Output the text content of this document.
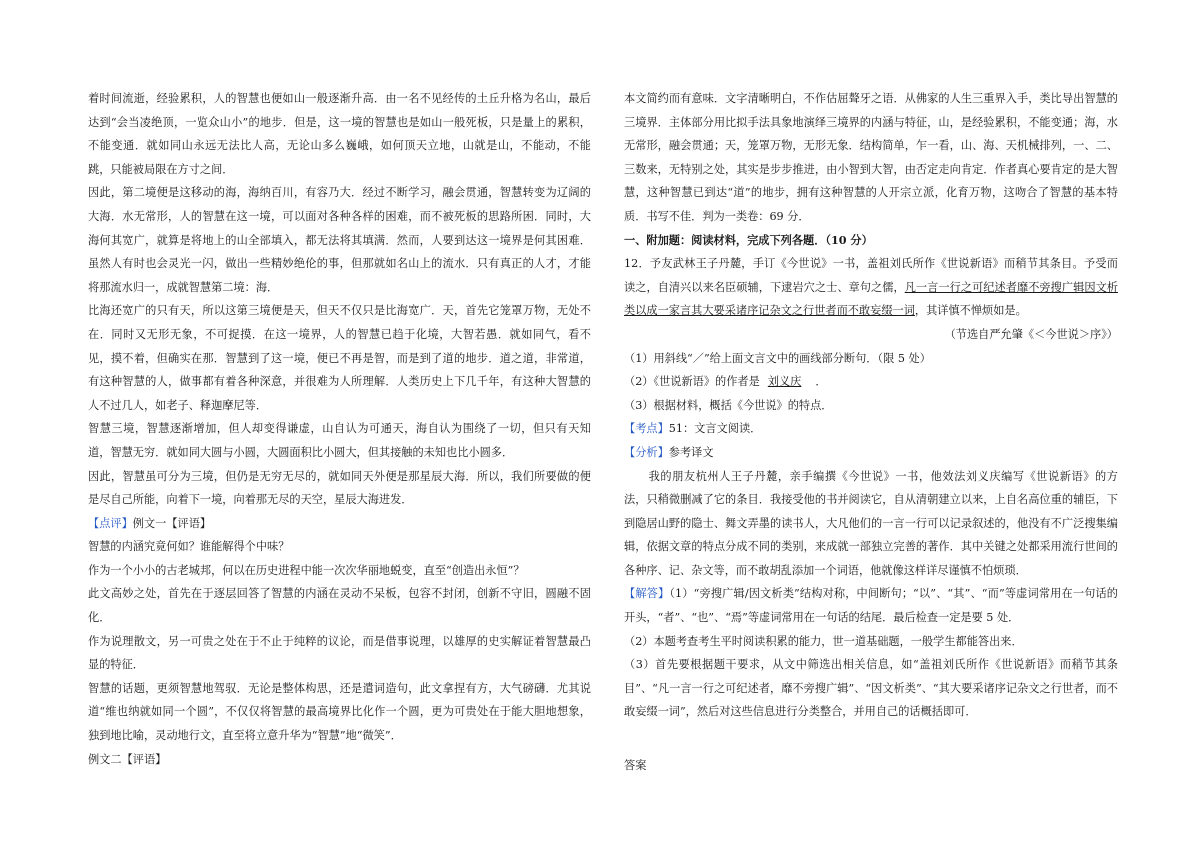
着时间流逝，经验累积，人的智慧也便如山一般逐渐升高．由一名不见经传的土丘升格为名山，最后达到“会当凌绝顶，一览众山小”的地步．但是，这一境的智慧也是如山一般死板，只是量上的累积，不能变通．就如同山永远无法比人高，无论山多么巍峨，如何顶天立地，山就是山，不能动，不能跳，只能被局限在方寸之间．

因此，第二境便是这移动的海，海纳百川，有容乃大．经过不断学习，融会贯通，智慧转变为辽阔的大海．水无常形，人的智慧在这一境，可以面对各种各样的困难，而不被死板的思路所困．同时，大海何其宽广，就算是将地上的山全部填入，都无法将其填满．然而，人要到达这一境界是何其困难．虽然人有时也会灵光一闪，做出一些精妙绝伦的事，但那就如名山上的流水．只有真正的人才，才能将那流水归一，成就智慧第二境：海．

比海还宽广的只有天，所以这第三境便是天，但天不仅只是比海宽广．天，首先它笼罩万物，无处不在．同时又无形无象，不可捉摸．在这一境界，人的智慧已趋于化境，大智若愚．就如同气，看不见，摸不着，但确实在那．智慧到了这一境，便已不再是智，而是到了道的地步．道之道，非常道，有这种智慧的人，做事都有着各种深意，并很难为人所理解．人类历史上下几千年，有这种大智慧的人不过几人，如老子、释迦摩尼等．

智慧三境，智慧逐渐增加，但人却变得谦虚，山自认为可通天，海自认为围绕了一切，但只有天知道，智慧无穷．就如同大圆与小圆，大圆面积比小圆大，但其接触的未知也比小圆多．

因此，智慧虽可分为三境，但仍是无穷无尽的，就如同天外便是那星辰大海．所以，我们所要做的便是尽自己所能，向着下一境，向着那无尽的天空，星辰大海进发．

【点评】例文一【评语】

智慧的内涵究竟何如？谁能解得个中味？

作为一个小小的古老城邦，何以在历史进程中能一次次华丽地蜕变，直至“创造出永恒”？

此文高妙之处，首先在于逐层回答了智慧的内涵在灵动不呆板，包容不封闭，创新不守旧，圆融不固化．

作为说理散文，另一可贵之处在于不止于纯粹的议论，而是借事说理，以雄厚的史实解证着智慧最凸显的特征．

智慧的话题，更须智慧地驾驭．无论是整体构思，还是遣词造句，此文拿捏有方，大气磅礴．尤其说道“维也纳就如同一个圆”，不仅仅将智慧的最高境界比化作一个圆，更为可贵处在于能大胆地想象，独到地比喻，灵动地行文，直至将立意升华为“智慧”地“微笑”．

例文二【评语】

本文简约而有意味．文字清晰明白，不作估屈聱牙之语．从佛家的人生三重界入手，类比导出智慧的三境界．主体部分用比拟手法具象地演绎三境界的内涵与特征，山，是经验累积，不能变通；海，水无常形，融会贯通；天，笼罩万物，无形无象．结构简单，乍一看，山、海、天机械排列，一、二、三数来，无特别之处，其实是步步推进，由小智到大智，由否定走向肯定．作者真心要肯定的是大智慧，这种智慧已到达“道”的地步，拥有这种智慧的人开宗立派，化育万物，这吻合了智慧的基本特质．书写不佳．判为一类卷：69 分．

一、附加题：阅读材料，完成下列各题．（10 分）

12．予友武林王子丹麓，手订《今世说》一书，盖祖刘氏所作《世说新语》而稍节其条目。予受而读之，自清兴以来名臣硕辅，下逮岩穴之士、章句之儒，凡一言一行之可纪述者靡不旁搜广辑因文析类以成一家言其大要采诸序记杂文之行世者而不敢妄缀一词，其详慎不惮烦如是。

（节选自严允肇《＜今世说＞序》）

（1）用斜线“／”给上面文言文中的画线部分断句．（限 5 处）

（2）《世说新语》的作者是 刘义庆 ．

（3）根据材料，概括《今世说》的特点．

【考点】51：文言文阅读．

【分析】参考译文

我的朋友杭州人王子丹麓，亲手编撰《今世说》一书，他效法刘义庆编写《世说新语》的方法，只稍微删减了它的条目．我接受他的书并阅读它，自从清朝建立以来，上自名高位重的辅臣，下到隐居山野的隐士、舞文弄墨的读书人，大凡他们的一言一行可以记录叙述的，他没有不广泛搜集编辑，依据文章的特点分成不同的类别，来成就一部独立完善的著作．其中关键之处都采用流行世间的各种序、记、杂文等，而不敢胡乱添加一个词语，他就像这样详尽谨慎不怕烦琐．

【解答】（1）“旁搜广辑/因文析类”结构对称，中间断句；“以”、“其”、“而”等虚词常用在一句话的开头，“者”、“也”、“焉”等虚词常用在一句话的结尾．最后检查一定是要 5 处．

（2）本题考查考生平时阅读积累的能力，世一道基础题，一般学生都能答出来．

（3）首先要根据题干要求，从文中筛选出相关信息，如“盖祖刘氏所作《世说新语》而稍节其条目”、“凡一言一行之可纪述者，靡不旁搜广辑”、“因文析类”、“其大要采诸序记杂文之行世者，而不敢妄缀一词”，然后对这些信息进行分类整合，并用自己的话概括即可．

答案
